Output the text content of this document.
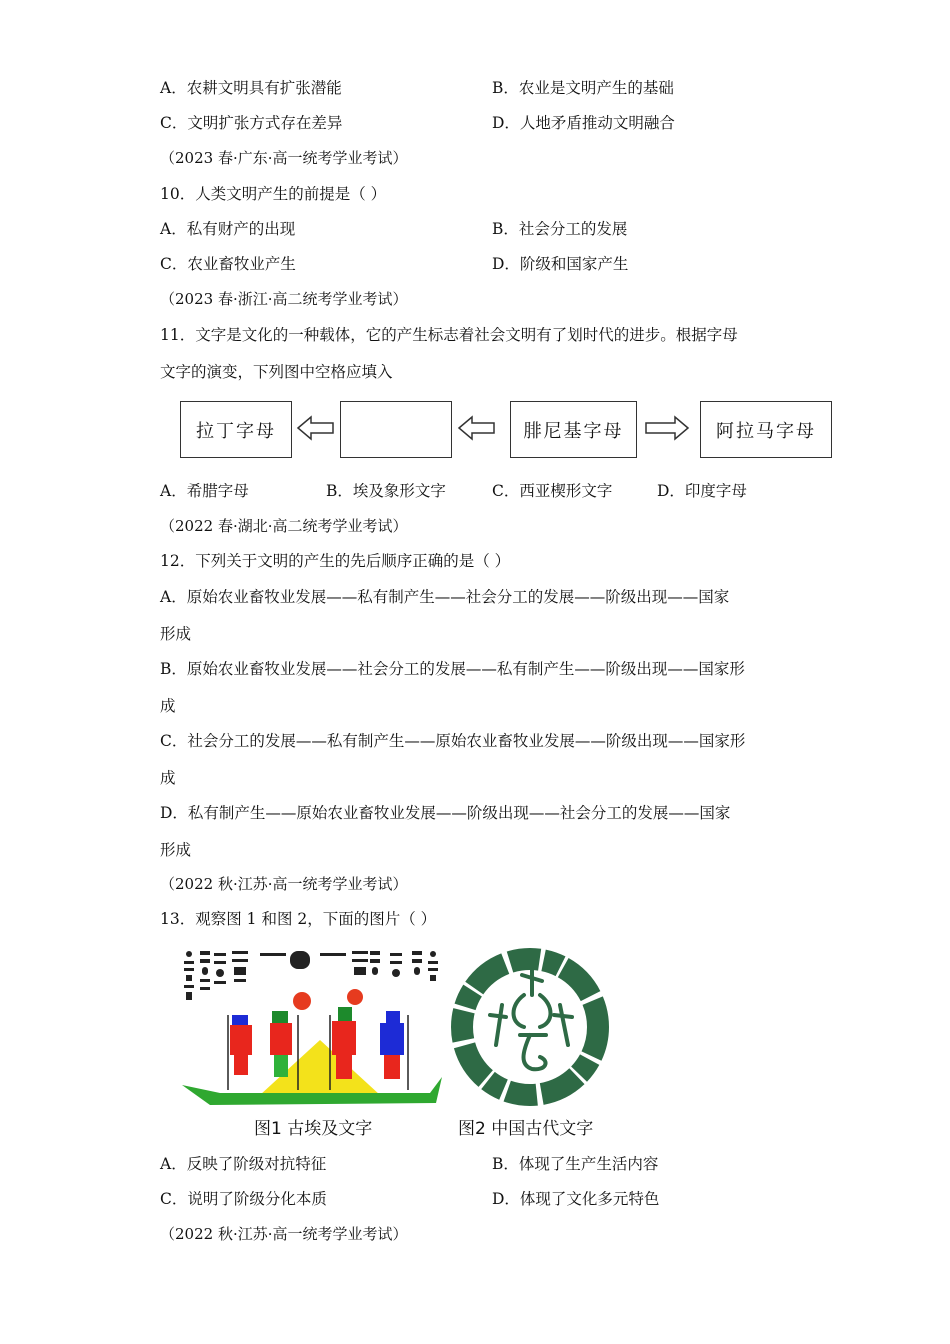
A．农耕文明具有扩张潜能	B．农业是文明产生的基础
C．文明扩张方式存在差异	D．人地矛盾推动文明融合
（2023 春·广东·高一统考学业考试）
10．人类文明产生的前提是（ ）
A．私有财产的出现	B．社会分工的发展
C．农业畜牧业产生	D．阶级和国家产生
（2023 春·浙江·高二统考学业考试）
11．文字是文化的一种载体，它的产生标志着社会文明有了划时代的进步。根据字母
文字的演变，下列图中空格应填入
拉丁字母	腓尼基字母	阿拉马字母
A．希腊字母	B．埃及象形文字	C．西亚楔形文字	D．印度字母
（2022 春·湖北·高二统考学业考试）
12．下列关于文明的产生的先后顺序正确的是（ ）
A．原始农业畜牧业发展——私有制产生——社会分工的发展——阶级出现——国家
形成
B．原始农业畜牧业发展——社会分工的发展——私有制产生——阶级出现——国家形
成
C．社会分工的发展——私有制产生——原始农业畜牧业发展——阶级出现——国家形
成
D．私有制产生——原始农业畜牧业发展——阶级出现——社会分工的发展——国家
形成
（2022 秋·江苏·高一统考学业考试）
13．观察图 1 和图 2，下面的图片（ ）
图1 古埃及文字	图2 中国古代文字
A．反映了阶级对抗特征	B．体现了生产生活内容
C．说明了阶级分化本质	D．体现了文化多元特色
（2022 秋·江苏·高一统考学业考试）
